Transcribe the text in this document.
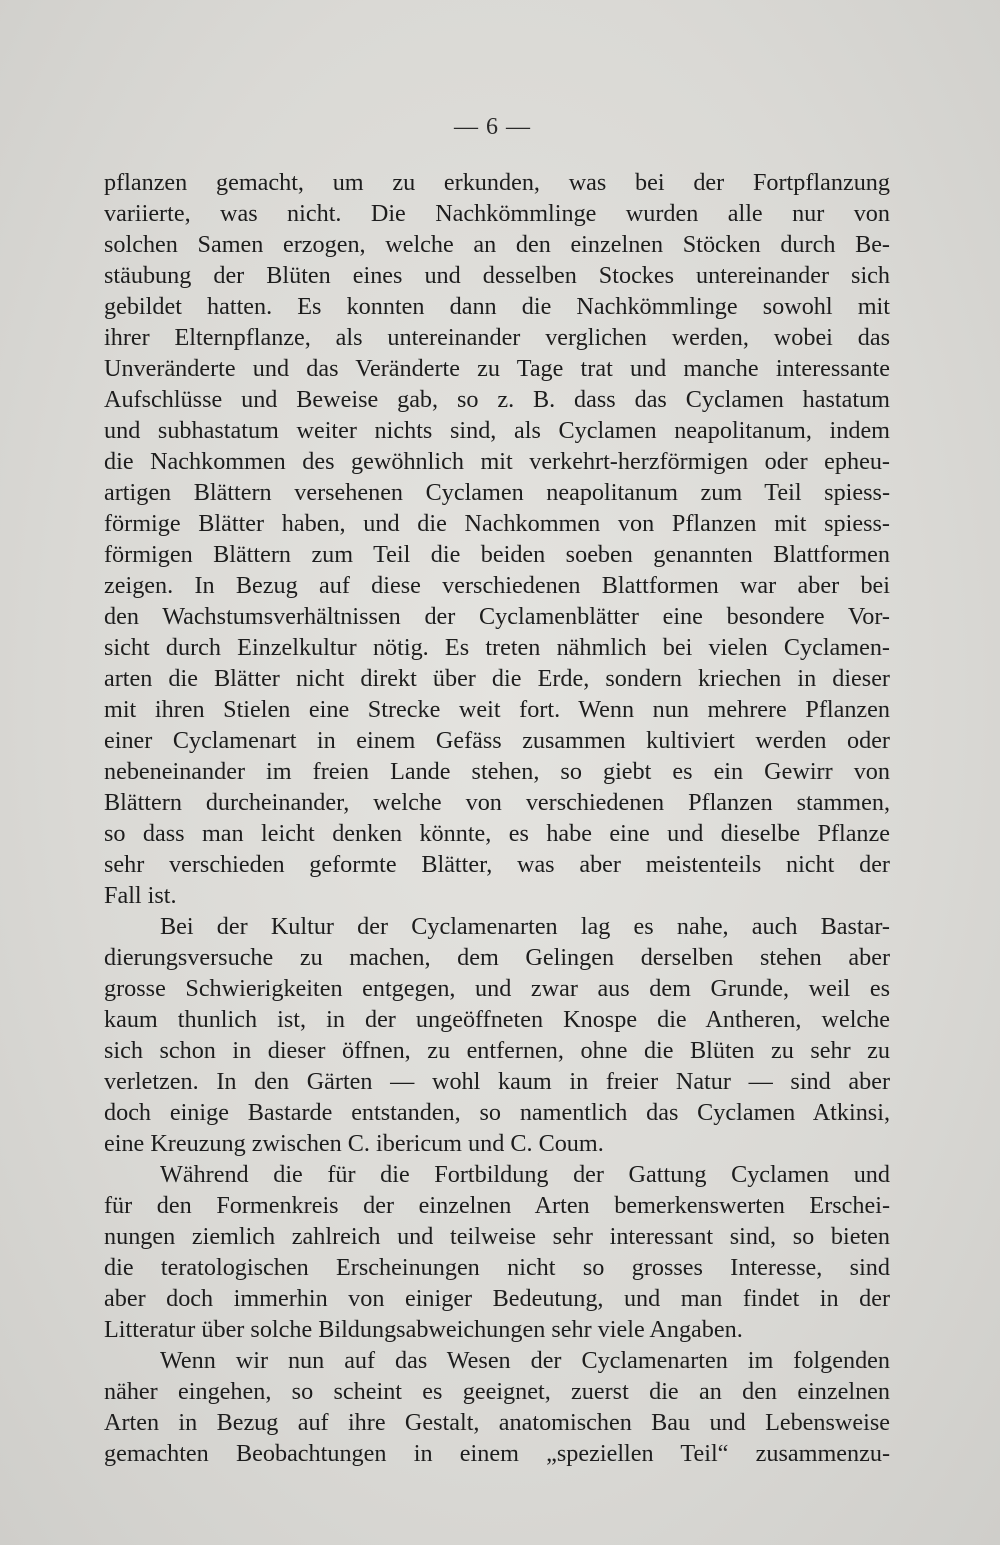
— 6 —
pflanzen gemacht, um zu erkunden, was bei der Fortpflanzung
variierte, was nicht. Die Nachkömmlinge wurden alle nur von
solchen Samen erzogen, welche an den einzelnen Stöcken durch Be-
stäubung der Blüten eines und desselben Stockes untereinander sich
gebildet hatten. Es konnten dann die Nachkömmlinge sowohl mit
ihrer Elternpflanze, als untereinander verglichen werden, wobei das
Unveränderte und das Veränderte zu Tage trat und manche interessante
Aufschlüsse und Beweise gab, so z. B. dass das Cyclamen hastatum
und subhastatum weiter nichts sind, als Cyclamen neapolitanum, indem
die Nachkommen des gewöhnlich mit verkehrt-herzförmigen oder epheu-
artigen Blättern versehenen Cyclamen neapolitanum zum Teil spiess-
förmige Blätter haben, und die Nachkommen von Pflanzen mit spiess-
förmigen Blättern zum Teil die beiden soeben genannten Blattformen
zeigen. In Bezug auf diese verschiedenen Blattformen war aber bei
den Wachstumsverhältnissen der Cyclamenblätter eine besondere Vor-
sicht durch Einzelkultur nötig. Es treten nähmlich bei vielen Cyclamen-
arten die Blätter nicht direkt über die Erde, sondern kriechen in dieser
mit ihren Stielen eine Strecke weit fort. Wenn nun mehrere Pflanzen
einer Cyclamenart in einem Gefäss zusammen kultiviert werden oder
nebeneinander im freien Lande stehen, so giebt es ein Gewirr von
Blättern durcheinander, welche von verschiedenen Pflanzen stammen,
so dass man leicht denken könnte, es habe eine und dieselbe Pflanze
sehr verschieden geformte Blätter, was aber meistenteils nicht der
Fall ist.
Bei der Kultur der Cyclamenarten lag es nahe, auch Bastar-
dierungsversuche zu machen, dem Gelingen derselben stehen aber
grosse Schwierigkeiten entgegen, und zwar aus dem Grunde, weil es
kaum thunlich ist, in der ungeöffneten Knospe die Antheren, welche
sich schon in dieser öffnen, zu entfernen, ohne die Blüten zu sehr zu
verletzen. In den Gärten — wohl kaum in freier Natur — sind aber
doch einige Bastarde entstanden, so namentlich das Cyclamen Atkinsi,
eine Kreuzung zwischen C. ibericum und C. Coum.
Während die für die Fortbildung der Gattung Cyclamen und
für den Formenkreis der einzelnen Arten bemerkenswerten Erschei-
nungen ziemlich zahlreich und teilweise sehr interessant sind, so bieten
die teratologischen Erscheinungen nicht so grosses Interesse, sind
aber doch immerhin von einiger Bedeutung, und man findet in der
Litteratur über solche Bildungsabweichungen sehr viele Angaben.
Wenn wir nun auf das Wesen der Cyclamenarten im folgenden
näher eingehen, so scheint es geeignet, zuerst die an den einzelnen
Arten in Bezug auf ihre Gestalt, anatomischen Bau und Lebensweise
gemachten Beobachtungen in einem „speziellen Teil“ zusammenzu-
